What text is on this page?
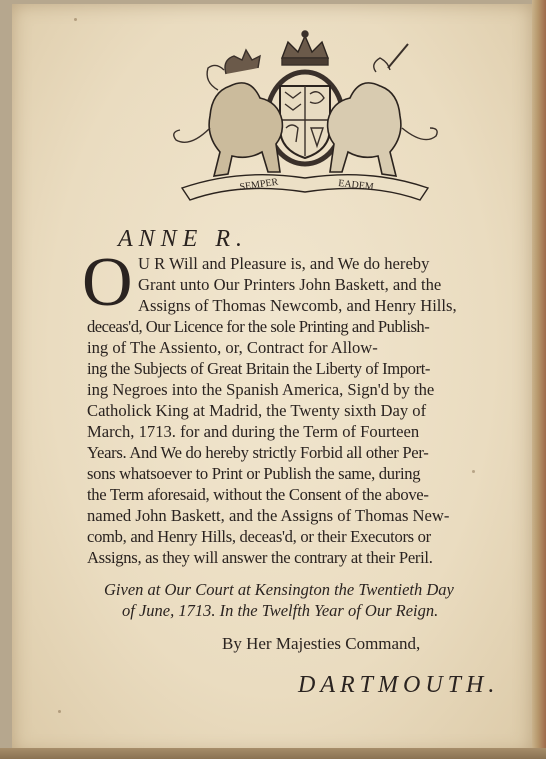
SEMPER	EADEM
ANNE R.
O U R Will and Pleasure is, and We do hereby
Grant unto Our Printers John Baskett, and the
Assigns of Thomas Newcomb, and Henry Hills,
deceas'd, Our Licence for the sole Printing and Publish-
ing of The Assiento, or, Contract for Allow-
ing the Subjects of Great Britain the Liberty of Import-
ing Negroes into the Spanish America, Sign'd by the
Catholick King at Madrid, the Twenty sixth Day of
March, 1713. for and during the Term of Fourteen
Years. And We do hereby strictly Forbid all other Per-
sons whatsoever to Print or Publish the same, during
the Term aforesaid, without the Consent of the above-
named John Baskett, and the Assigns of Thomas New-
comb, and Henry Hills, deceas'd, or their Executors or
Assigns, as they will answer the contrary at their Peril.
Given at Our Court at Kensington the Twentieth Day
of June, 1713. In the Twelfth Year of Our Reign.
By Her Majesties Command,
DARTMOUTH.
